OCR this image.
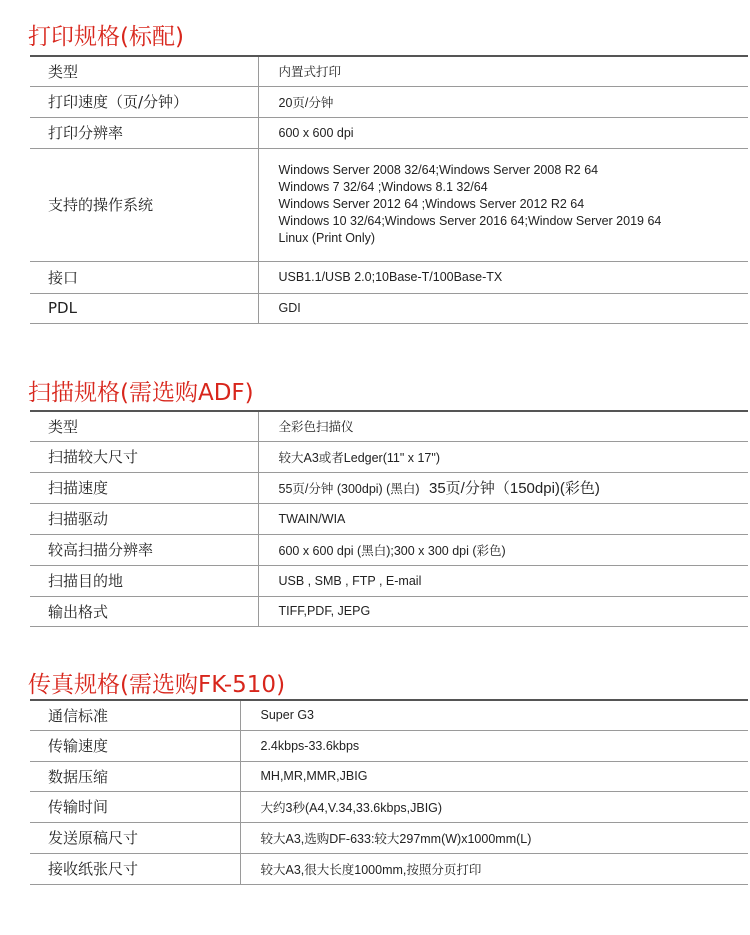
打印规格(标配)
类型	内置式打印
打印速度（页/分钟）	20页/分钟
打印分辨率	600 x 600 dpi
支持的操作系统	Windows Server 2008 32/64;Windows Server 2008 R2 64
Windows 7 32/64 ;Windows 8.1 32/64
Windows Server 2012 64 ;Windows Server 2012 R2 64
Windows 10 32/64;Windows Server 2016 64;Window Server 2019 64
Linux (Print Only)

接口	USB1.1/USB 2.0;10Base-T/100Base-TX
PDL	GDI
扫描规格(需选购ADF)
类型	全彩色扫描仪
扫描较大尺寸	较大A3或者Ledger(11" x 17")
扫描速度	55页/分钟 (300dpi) (黑白) 35页/分钟（150dpi)(彩色)
扫描驱动	TWAIN/WIA
较高扫描分辨率	600 x 600 dpi (黑白);300 x 300 dpi (彩色)
扫描目的地	USB , SMB , FTP , E-mail
输出格式	TIFF,PDF, JEPG
传真规格(需选购FK-510)
通信标准	Super G3
传输速度	2.4kbps-33.6kbps
数据压缩	MH,MR,MMR,JBIG
传输时间	大约3秒(A4,V.34,33.6kbps,JBIG)
发送原稿尺寸	较大A3,选购DF-633:较大297mm(W)x1000mm(L)
接收纸张尺寸	较大A3,很大长度1000mm,按照分页打印
